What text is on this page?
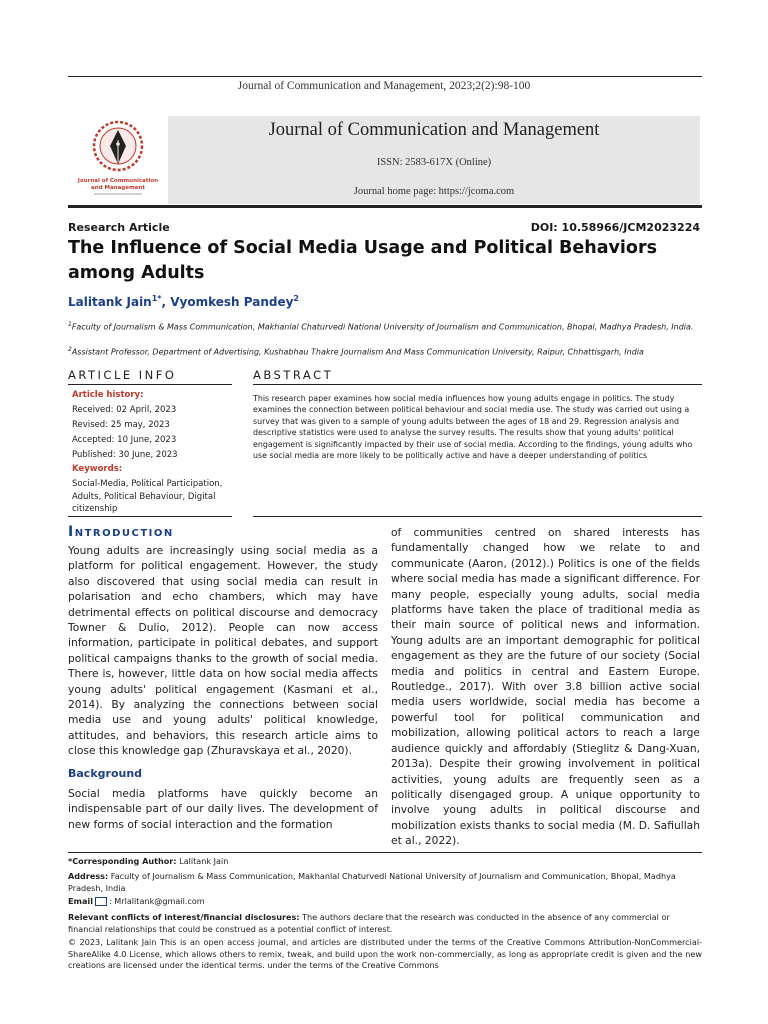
Journal of Communication and Management, 2023;2(2):98-100
Journal of Communication
and Management
Journal of Communication and Management
ISSN: 2583-617X (Online)
Journal home page: https://jcoma.com
Research Article	DOI: 10.58966/JCM2023224
The Influence of Social Media Usage and Political Behaviors among Adults
Lalitank Jain$^{1*}$, Vyomkesh Pandey$^2$
$^1$Faculty of Journalism & Mass Communication, Makhanlal Chaturvedi National University of Journalism and Communication, Bhopal, Madhya Pradesh, India.
$^2$Assistant Professor, Department of Advertising, Kushabhau Thakre Journalism And Mass Communication University, Raipur, Chhattisgarh, India
ARTICLE INFO	ABSTRACT
Article history:
Received: 02 April, 2023
Revised: 25 may, 2023
Accepted: 10 June, 2023
Published: 30 June, 2023
Keywords:
Social-Media, Political Participation, Adults, Political Behaviour, Digital citizenship
This research paper examines how social media influences how young adults engage in politics. The study examines the connection between political behaviour and social media use. The study was carried out using a survey that was given to a sample of young adults between the ages of 18 and 29. Regression analysis and descriptive statistics were used to analyse the survey results. The results show that young adults' political engagement is significantly impacted by their use of social media. According to the findings, young adults who use social media are more likely to be politically active and have a deeper understanding of politics
Introduction
Young adults are increasingly using social media as a platform for political engagement. However, the study also discovered that using social media can result in polarisation and echo chambers, which may have detrimental effects on political discourse and democracy Towner & Dulio, 2012). People can now access information, participate in political debates, and support political campaigns thanks to the growth of social media. There is, however, little data on how social media affects young adults' political engagement (Kasmani et al., 2014). By analyzing the connections between social media use and young adults' political knowledge, attitudes, and behaviors, this research article aims to close this knowledge gap (Zhuravskaya et al., 2020).
Background
Social media platforms have quickly become an indispensable part of our daily lives. The development of new forms of social interaction and the formation
of communities centred on shared interests has fundamentally changed how we relate to and communicate (Aaron, (2012).) Politics is one of the fields where social media has made a significant difference. For many people, especially young adults, social media platforms have taken the place of traditional media as their main source of political news and information. Young adults are an important demographic for political engagement as they are the future of our society (Social media and politics in central and Eastern Europe. Routledge., 2017). With over 3.8 billion active social media users worldwide, social media has become a powerful tool for political communication and mobilization, allowing political actors to reach a large audience quickly and affordably (Stieglitz & Dang-Xuan, 2013a). Despite their growing involvement in political activities, young adults are frequently seen as a politically disengaged group. A unique opportunity to involve young adults in political discourse and mobilization exists thanks to social media (M. D. Safiullah et al., 2022).
*Corresponding Author: Lalitank Jain
Address: Faculty of Journalism & Mass Communication, Makhanlal Chaturvedi National University of Journalism and Communication, Bhopal, Madhya Pradesh, India
Email : Mrlalitank@gmail.com
Relevant conflicts of interest/financial disclosures: The authors declare that the research was conducted in the absence of any commercial or financial relationships that could be construed as a potential conflict of interest.
© 2023, Lalitank Jain This is an open access journal, and articles are distributed under the terms of the Creative Commons Attribution-NonCommercial-ShareAlike 4.0 License, which allows others to remix, tweak, and build upon the work non-commercially, as long as appropriate credit is given and the new creations are licensed under the identical terms. under the terms of the Creative Commons
